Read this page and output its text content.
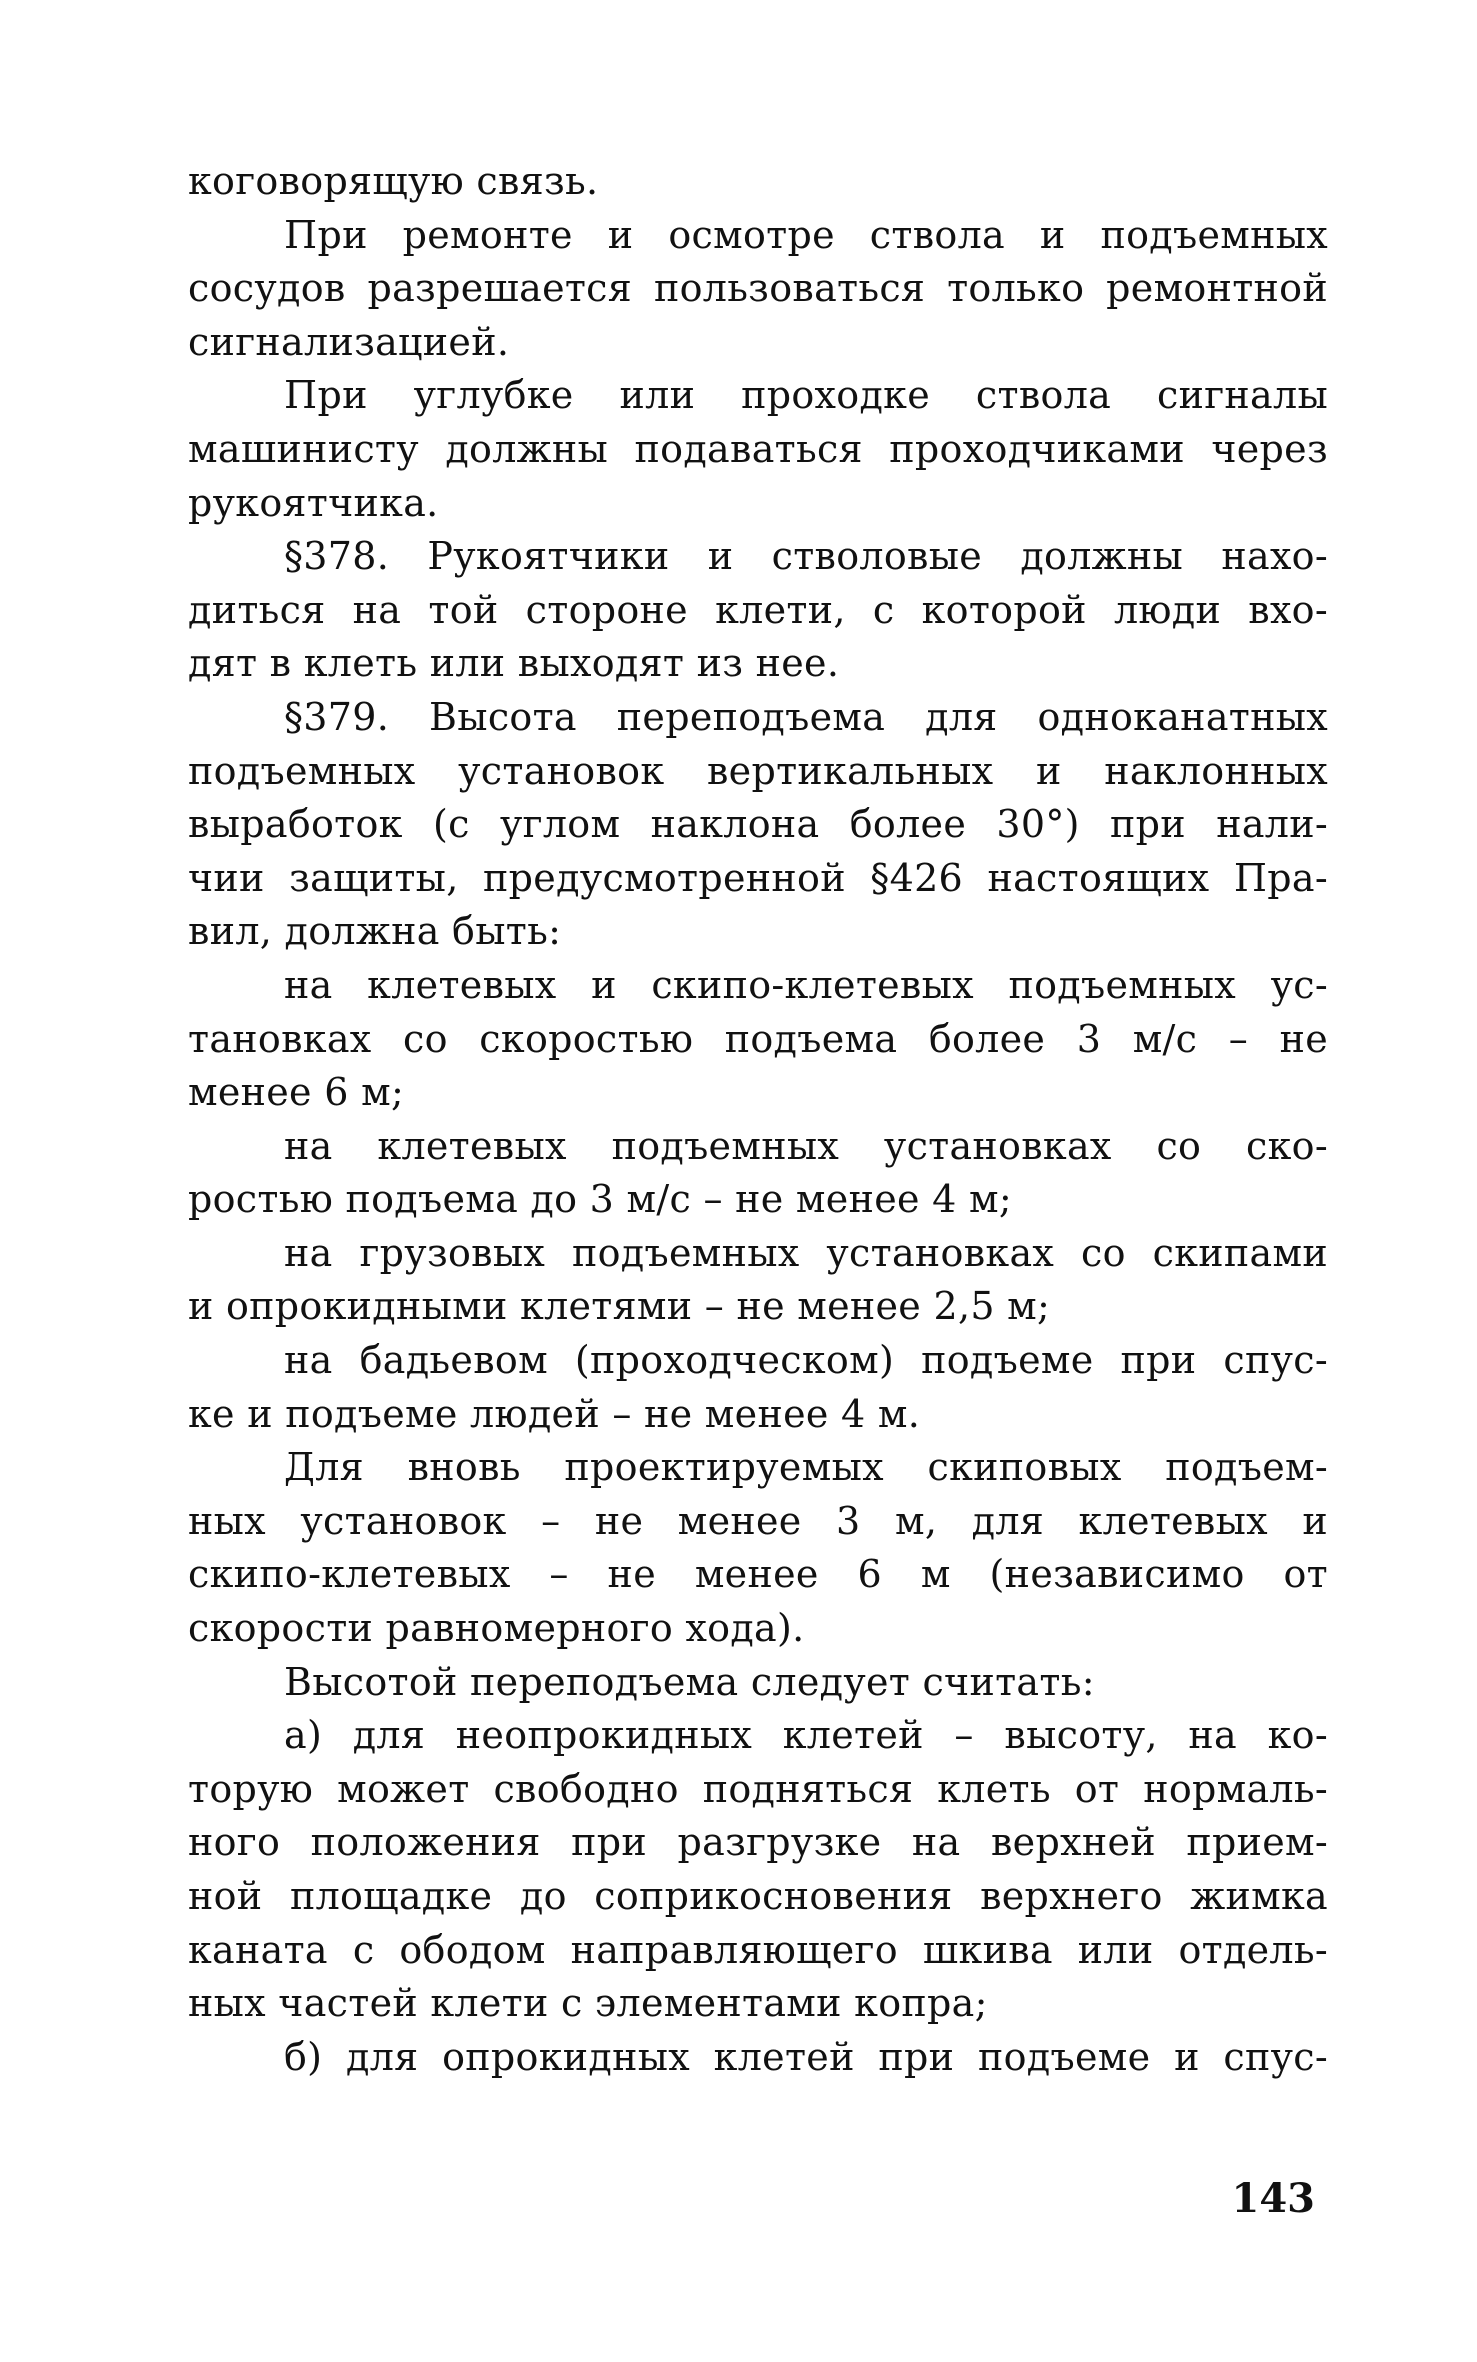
коговорящую связь.
При ремонте и осмотре ствола и подъемных
сосудов разрешается пользоваться только ремонтной
сигнализацией.
При углубке или проходке ствола сигналы
машинисту должны подаваться проходчиками через
рукоятчика.
§378. Рукоятчики и стволовые должны нахо-
диться на той стороне клети, с которой люди вхо-
дят в клеть или выходят из нее.
§379. Высота переподъема для одноканатных
подъемных установок вертикальных и наклонных
выработок (с углом наклона более 30°) при нали-
чии защиты, предусмотренной §426 настоящих Пра-
вил, должна быть:
на клетевых и скипо-клетевых подъемных ус-
тановках со скоростью подъема более 3 м/с – не
менее 6 м;
на клетевых подъемных установках со ско-
ростью подъема до 3 м/с – не менее 4 м;
на грузовых подъемных установках со скипами
и опрокидными клетями – не менее 2,5 м;
на бадьевом (проходческом) подъеме при спус-
ке и подъеме людей – не менее 4 м.
Для вновь проектируемых скиповых подъем-
ных установок – не менее 3 м, для клетевых и
скипо-клетевых – не менее 6 м (независимо от
скорости равномерного хода).
Высотой переподъема следует считать:
а) для неопрокидных клетей – высоту, на ко-
торую может свободно подняться клеть от нормаль-
ного положения при разгрузке на верхней прием-
ной площадке до соприкосновения верхнего жимка
каната с ободом направляющего шкива или отдель-
ных частей клети с элементами копра;
б) для опрокидных клетей при подъеме и спус-
143
